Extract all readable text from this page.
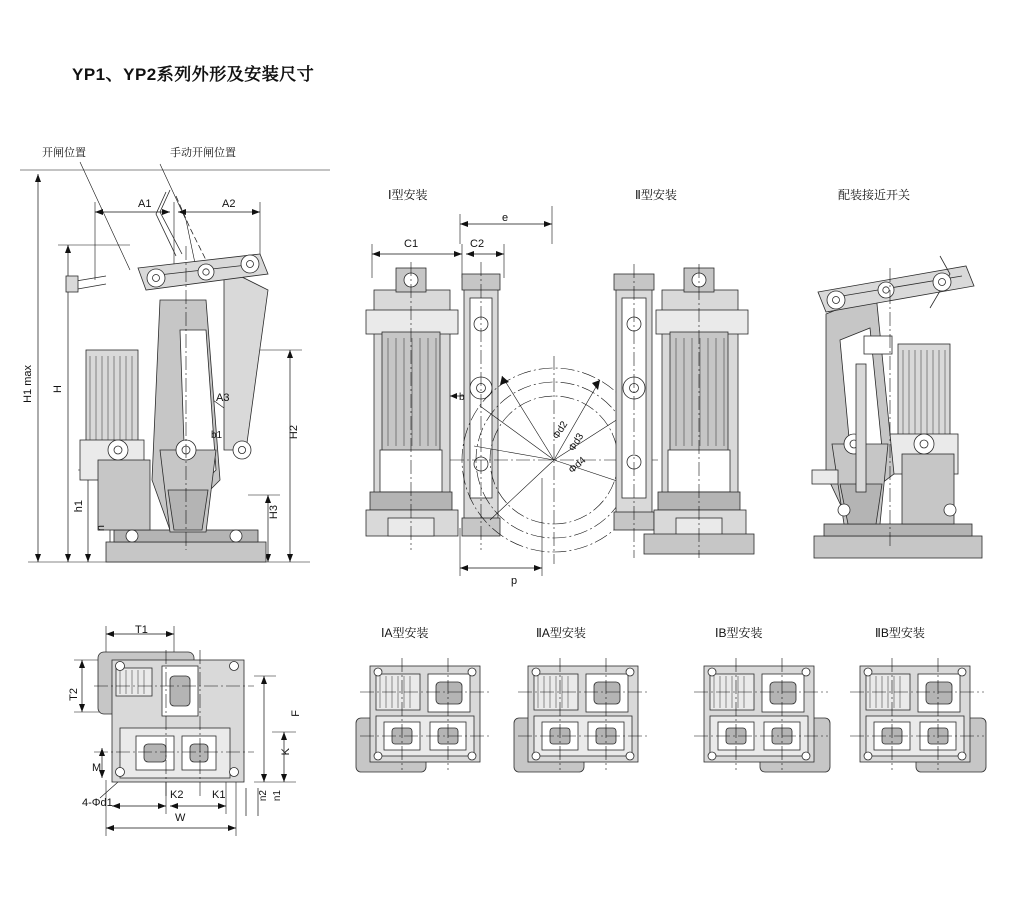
YP1、YP2系列外形及安装尺寸
开闸位置	手动开闸位置
H1 max H
h1
n
A1	A2
A3
b1	H2
H3
Ⅰ型安装
C1	C2
e
b
p
Φd2
Φd3
Φd4
Ⅱ型安装	配装接近开关
T1
T2
F
K
K1
K2
M
W
n1
n2
4-Φd1
ⅠA型安装	ⅡA型安装	ⅠB型安装	ⅡB型安装
